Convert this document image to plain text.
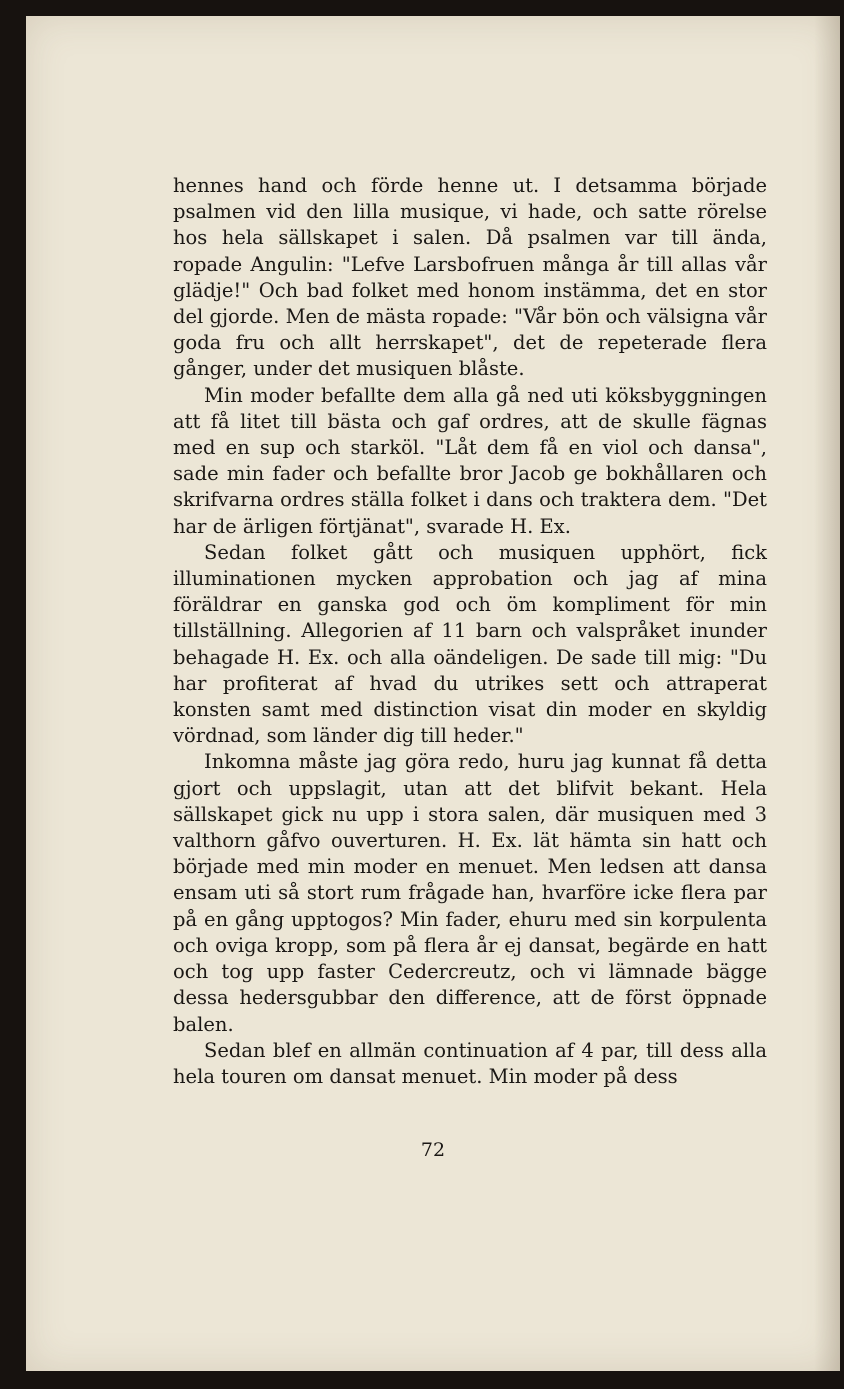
hennes hand och förde henne ut. I detsamma började psalmen vid den lilla musique, vi hade, och satte rörelse hos hela sällskapet i salen. Då psalmen var till ända, ropade Angulin: "Lefve Larsbofruen många år till allas vår glädje!" Och bad folket med honom instämma, det en stor del gjorde. Men de mästa ropade: "Vår bön och välsigna vår goda fru och allt herrskapet", det de repeterade flera gånger, under det musiquen blåste.

Min moder befallte dem alla gå ned uti köksbyggningen att få litet till bästa och gaf ordres, att de skulle fägnas med en sup och starköl. "Låt dem få en viol och dansa", sade min fader och befallte bror Jacob ge bokhållaren och skrifvarna ordres ställa folket i dans och traktera dem. "Det har de ärligen förtjänat", svarade H. Ex.

Sedan folket gått och musiquen upphört, fick illuminationen mycken approbation och jag af mina föräldrar en ganska god och öm kompliment för min tillställning. Allegorien af 11 barn och valspråket inunder behagade H. Ex. och alla oändeligen. De sade till mig: "Du har profiterat af hvad du utrikes sett och attraperat konsten samt med distinction visat din moder en skyldig vördnad, som länder dig till heder."

Inkomna måste jag göra redo, huru jag kunnat få detta gjort och uppslagit, utan att det blifvit bekant. Hela sällskapet gick nu upp i stora salen, där musiquen med 3 valthorn gåfvo ouverturen. H. Ex. lät hämta sin hatt och började med min moder en menuet. Men ledsen att dansa ensam uti så stort rum frågade han, hvarföre icke flera par på en gång upptogos? Min fader, ehuru med sin korpulenta och oviga kropp, som på flera år ej dansat, begärde en hatt och tog upp faster Cedercreutz, och vi lämnade bägge dessa hedersgubbar den difference, att de först öppnade balen.

Sedan blef en allmän continuation af 4 par, till dess alla hela touren om dansat menuet. Min moder på dess

72
